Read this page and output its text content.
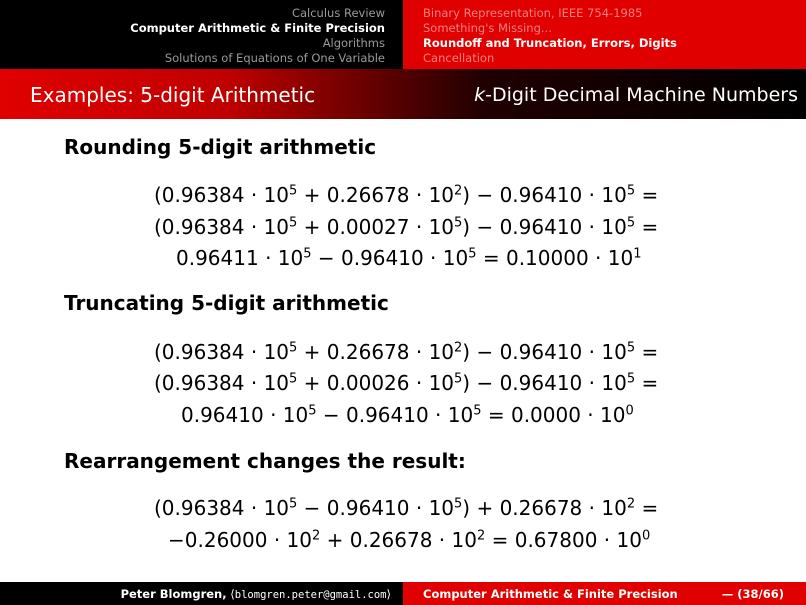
Calculus Review
Computer Arithmetic & Finite Precision
Algorithms
Solutions of Equations of One Variable
Binary Representation, IEEE 754-1985
Something's Missing...
Roundoff and Truncation, Errors, Digits
Cancellation
Examples: 5-digit Arithmetic	k-Digit Decimal Machine Numbers
Rounding 5-digit arithmetic
$(0.96384 \cdot 10^5 + 0.26678 \cdot 10^2) - 0.96410 \cdot 10^5$ =
$(0.96384 \cdot 10^5 + 0.00027 \cdot 10^5) - 0.96410 \cdot 10^5$ =
$0.96411 \cdot 10^5 - 0.96410 \cdot 10^5 = 0.10000 \cdot 10^1$
Truncating 5-digit arithmetic
$(0.96384 \cdot 10^5 + 0.26678 \cdot 10^2) - 0.96410 \cdot 10^5$ =
$(0.96384 \cdot 10^5 + 0.00026 \cdot 10^5) - 0.96410 \cdot 10^5$ =
$0.96410 \cdot 10^5 - 0.96410 \cdot 10^5 = 0.0000 \cdot 10^0$
Rearrangement changes the result:
$(0.96384 \cdot 10^5 - 0.96410 \cdot 10^5) + 0.26678 \cdot 10^2$ =
$-0.26000 \cdot 10^2 + 0.26678 \cdot 10^2 = 0.67800 \cdot 10^0$
Peter Blomgren, ⟨blomgren.peter@gmail.com⟩	Computer Arithmetic & Finite Precision	— (38/66)
